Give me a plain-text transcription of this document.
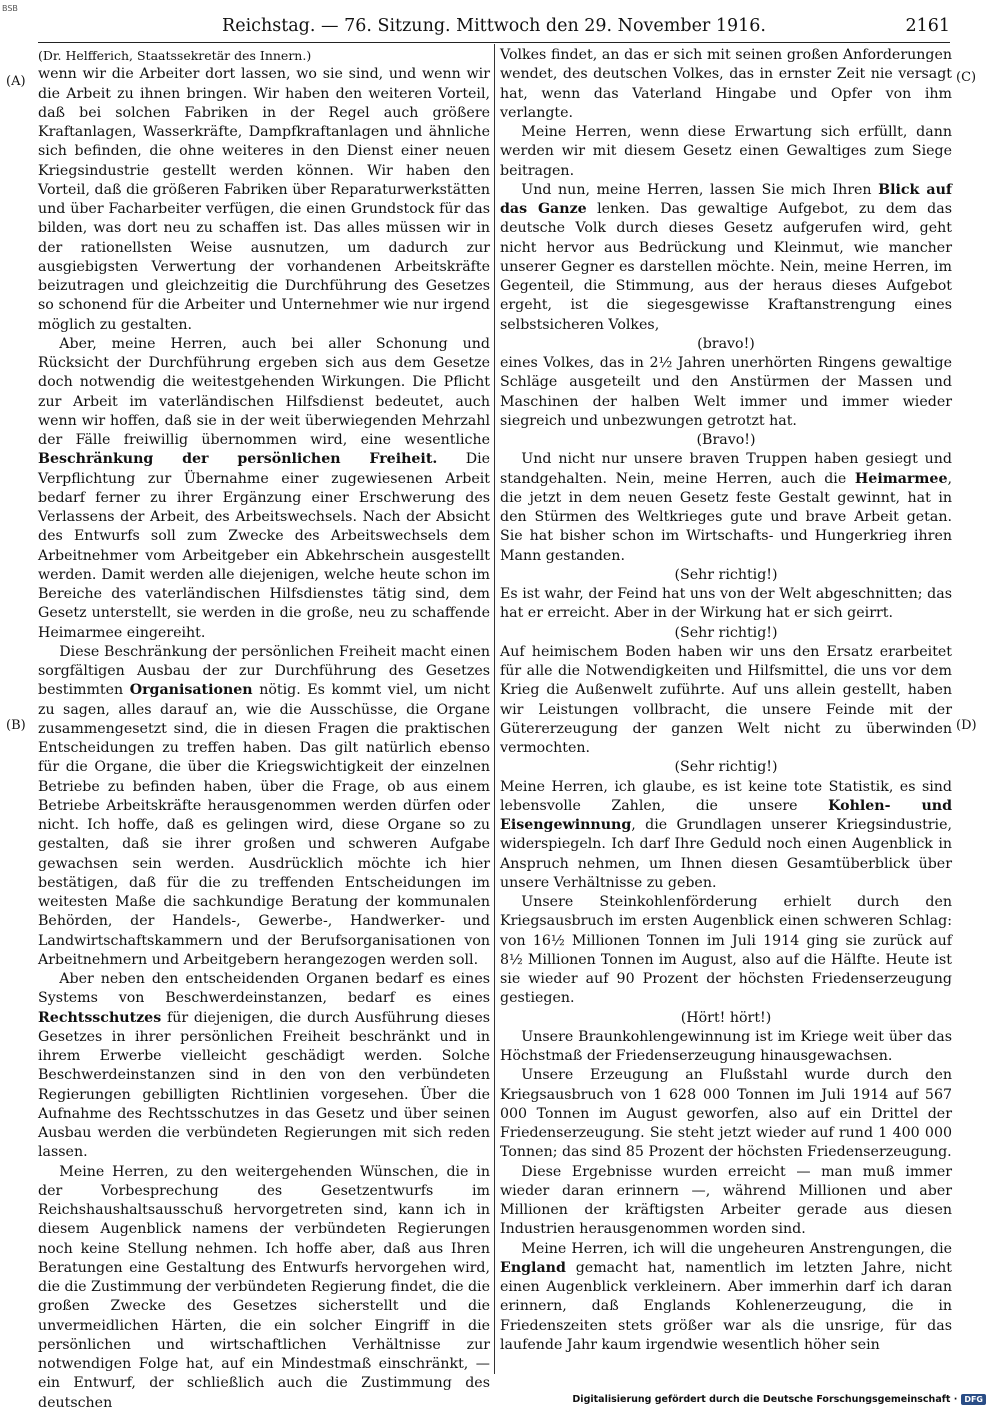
BSB
Reichstag. — 76. Sitzung. Mittwoch den 29. November 1916.	2161
(A)
(B)
(C)
(D)

(Dr. Helfferich, Staatssekretär des Innern.)

wenn wir die Arbeiter dort lassen, wo sie sind, und wenn wir die Arbeit zu ihnen bringen. Wir haben den weiteren Vorteil, daß bei solchen Fabriken in der Regel auch größere Kraftanlagen, Wasserkräfte, Dampfkraftanlagen und ähnliche sich befinden, die ohne weiteres in den Dienst einer neuen Kriegsindustrie gestellt werden können. Wir haben den Vorteil, daß die größeren Fabriken über Reparaturwerkstätten und über Facharbeiter verfügen, die einen Grundstock für das bilden, was dort neu zu schaffen ist. Das alles müssen wir in der rationellsten Weise ausnutzen, um dadurch zur ausgiebigsten Verwertung der vorhandenen Arbeitskräfte beizutragen und gleichzeitig die Durchführung des Gesetzes so schonend für die Arbeiter und Unternehmer wie nur irgend möglich zu gestalten.

Aber, meine Herren, auch bei aller Schonung und Rücksicht der Durchführung ergeben sich aus dem Gesetze doch notwendig die weitestgehenden Wirkungen. Die Pflicht zur Arbeit im vaterländischen Hilfsdienst bedeutet, auch wenn wir hoffen, daß sie in der weit überwiegenden Mehrzahl der Fälle freiwillig übernommen wird, eine wesentliche Beschränkung der persönlichen Freiheit. Die Verpflichtung zur Übernahme einer zugewiesenen Arbeit bedarf ferner zu ihrer Ergänzung einer Erschwerung des Verlassens der Arbeit, des Arbeitswechsels. Nach der Absicht des Entwurfs soll zum Zwecke des Arbeitswechsels dem Arbeitnehmer vom Arbeitgeber ein Abkehrschein ausgestellt werden. Damit werden alle diejenigen, welche heute schon im Bereiche des vaterländischen Hilfsdienstes tätig sind, dem Gesetz unterstellt, sie werden in die große, neu zu schaffende Heimarmee eingereiht.

Diese Beschränkung der persönlichen Freiheit macht einen sorgfältigen Ausbau der zur Durchführung des Gesetzes bestimmten Organisationen nötig. Es kommt viel, um nicht zu sagen, alles darauf an, wie die Ausschüsse, die Organe zusammengesetzt sind, die in diesen Fragen die praktischen Entscheidungen zu treffen haben. Das gilt natürlich ebenso für die Organe, die über die Kriegswichtigkeit der einzelnen Betriebe zu befinden haben, über die Frage, ob aus einem Betriebe Arbeitskräfte herausgenommen werden dürfen oder nicht. Ich hoffe, daß es gelingen wird, diese Organe so zu gestalten, daß sie ihrer großen und schweren Aufgabe gewachsen sein werden. Ausdrücklich möchte ich hier bestätigen, daß für die zu treffenden Entscheidungen im weitesten Maße die sachkundige Beratung der kommunalen Behörden, der Handels-, Gewerbe-, Handwerker- und Landwirtschaftskammern und der Berufsorganisationen von Arbeitnehmern und Arbeitgebern herangezogen werden soll.

Aber neben den entscheidenden Organen bedarf es eines Systems von Beschwerdeinstanzen, bedarf es eines Rechtsschutzes für diejenigen, die durch Ausführung dieses Gesetzes in ihrer persönlichen Freiheit beschränkt und in ihrem Erwerbe vielleicht geschädigt werden. Solche Beschwerdeinstanzen sind in den von den verbündeten Regierungen gebilligten Richtlinien vorgesehen. Über die Aufnahme des Rechtsschutzes in das Gesetz und über seinen Ausbau werden die verbündeten Regierungen mit sich reden lassen.

Meine Herren, zu den weitergehenden Wünschen, die in der Vorbesprechung des Gesetzentwurfs im Reichshaushaltsausschuß hervorgetreten sind, kann ich in diesem Augenblick namens der verbündeten Regierungen noch keine Stellung nehmen. Ich hoffe aber, daß aus Ihren Beratungen eine Gestaltung des Entwurfs hervorgehen wird, die die Zustimmung der verbündeten Regierung findet, die die großen Zwecke des Gesetzes sicherstellt und die unvermeidlichen Härten, die ein solcher Eingriff in die persönlichen und wirtschaftlichen Verhältnisse zur notwendigen Folge hat, auf ein Mindestmaß einschränkt, — ein Entwurf, der schließlich auch die Zustimmung des deutschen

Volkes findet, an das er sich mit seinen großen Anforderungen wendet, des deutschen Volkes, das in ernster Zeit nie versagt hat, wenn das Vaterland Hingabe und Opfer von ihm verlangte.

Meine Herren, wenn diese Erwartung sich erfüllt, dann werden wir mit diesem Gesetz einen Gewaltiges zum Siege beitragen.

Und nun, meine Herren, lassen Sie mich Ihren Blick auf das Ganze lenken. Das gewaltige Aufgebot, zu dem das deutsche Volk durch dieses Gesetz aufgerufen wird, geht nicht hervor aus Bedrückung und Kleinmut, wie mancher unserer Gegner es darstellen möchte. Nein, meine Herren, im Gegenteil, die Stimmung, aus der heraus dieses Aufgebot ergeht, ist die siegesgewisse Kraftanstrengung eines selbstsicheren Volkes,

(bravo!)

eines Volkes, das in 2½ Jahren unerhörten Ringens gewaltige Schläge ausgeteilt und den Anstürmen der Massen und Maschinen der halben Welt immer und immer wieder siegreich und unbezwungen getrotzt hat.

(Bravo!)

Und nicht nur unsere braven Truppen haben gesiegt und standgehalten. Nein, meine Herren, auch die Heimarmee, die jetzt in dem neuen Gesetz feste Gestalt gewinnt, hat in den Stürmen des Weltkrieges gute und brave Arbeit getan. Sie hat bisher schon im Wirtschafts- und Hungerkrieg ihren Mann gestanden.

(Sehr richtig!)

Es ist wahr, der Feind hat uns von der Welt abgeschnitten; das hat er erreicht. Aber in der Wirkung hat er sich geirrt.

(Sehr richtig!)

Auf heimischem Boden haben wir uns den Ersatz erarbeitet für alle die Notwendigkeiten und Hilfsmittel, die uns vor dem Krieg die Außenwelt zuführte. Auf uns allein gestellt, haben wir Leistungen vollbracht, die unsere Feinde mit der Gütererzeugung der ganzen Welt nicht zu überwinden vermochten.

(Sehr richtig!)

Meine Herren, ich glaube, es ist keine tote Statistik, es sind lebensvolle Zahlen, die unsere Kohlen- und Eisengewinnung, die Grundlagen unserer Kriegsindustrie, widerspiegeln. Ich darf Ihre Geduld noch einen Augenblick in Anspruch nehmen, um Ihnen diesen Gesamtüberblick über unsere Verhältnisse zu geben.

Unsere Steinkohlenförderung erhielt durch den Kriegsausbruch im ersten Augenblick einen schweren Schlag: von 16½ Millionen Tonnen im Juli 1914 ging sie zurück auf 8½ Millionen Tonnen im August, also auf die Hälfte. Heute ist sie wieder auf 90 Prozent der höchsten Friedenserzeugung gestiegen.

(Hört! hört!)

Unsere Braunkohlengewinnung ist im Kriege weit über das Höchstmaß der Friedenserzeugung hinausgewachsen.

Unsere Erzeugung an Flußstahl wurde durch den Kriegsausbruch von 1 628 000 Tonnen im Juli 1914 auf 567 000 Tonnen im August geworfen, also auf ein Drittel der Friedenserzeugung. Sie steht jetzt wieder auf rund 1 400 000 Tonnen; das sind 85 Prozent der höchsten Friedenserzeugung.

Diese Ergebnisse wurden erreicht — man muß immer wieder daran erinnern —, während Millionen und aber Millionen der kräftigsten Arbeiter gerade aus diesen Industrien herausgenommen worden sind.

Meine Herren, ich will die ungeheuren Anstrengungen, die England gemacht hat, namentlich im letzten Jahre, nicht einen Augenblick verkleinern. Aber immerhin darf ich daran erinnern, daß Englands Kohlenerzeugung, die in Friedenszeiten stets größer war als die unsrige, für das laufende Jahr kaum irgendwie wesentlich höher sein

Digitalisierung gefördert durch die Deutsche Forschungsgemeinschaft · DFG
